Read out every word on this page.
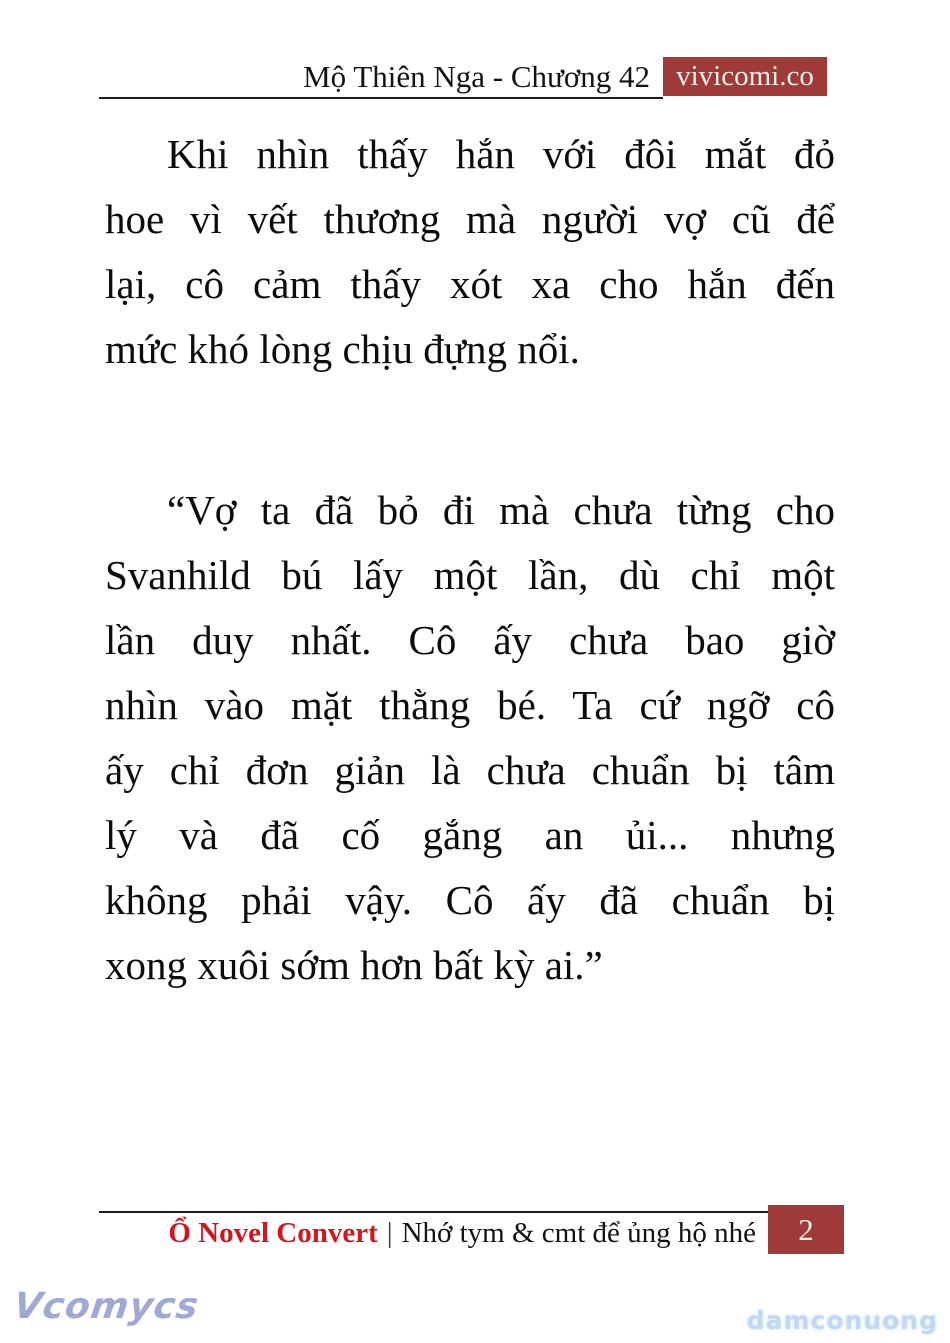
Mộ Thiên Nga - Chương 42 vivicomi.co
Khi nhìn thấy hắn với đôi mắt đỏ
hoe vì vết thương mà người vợ cũ để
lại, cô cảm thấy xót xa cho hắn đến
mức khó lòng chịu đựng nổi.
“Vợ ta đã bỏ đi mà chưa từng cho
Svanhild bú lấy một lần, dù chỉ một
lần duy nhất. Cô ấy chưa bao giờ
nhìn vào mặt thằng bé. Ta cứ ngỡ cô
ấy chỉ đơn giản là chưa chuẩn bị tâm
lý và đã cố gắng an ủi... nhưng
không phải vậy. Cô ấy đã chuẩn bị
xong xuôi sớm hơn bất kỳ ai.”
Ổ Novel Convert | Nhớ tym & cmt để ủng hộ nhé	2
Vcomycs	damconuong
